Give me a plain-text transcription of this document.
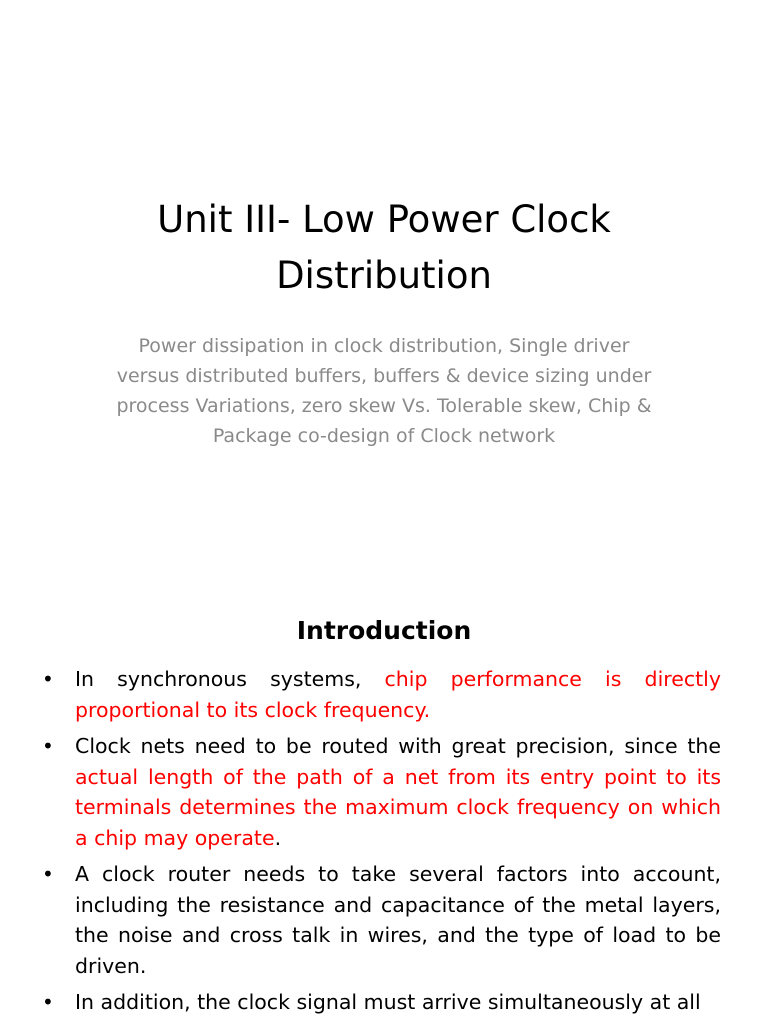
Unit III- Low Power Clock
Distribution

Power dissipation in clock distribution, Single driver versus distributed buffers, buffers & device sizing under process Variations, zero skew Vs. Tolerable skew, Chip & Package co-design of Clock network

Introduction
• In synchronous systems, chip performance is directly proportional to its clock frequency.
• Clock nets need to be routed with great precision, since the actual length of the path of a net from its entry point to its terminals determines the maximum clock frequency on which a chip may operate.
• A clock router needs to take several factors into account, including the resistance and capacitance of the metal layers, the noise and cross talk in wires, and the type of load to be driven.
• In addition, the clock signal must arrive simultaneously at all
